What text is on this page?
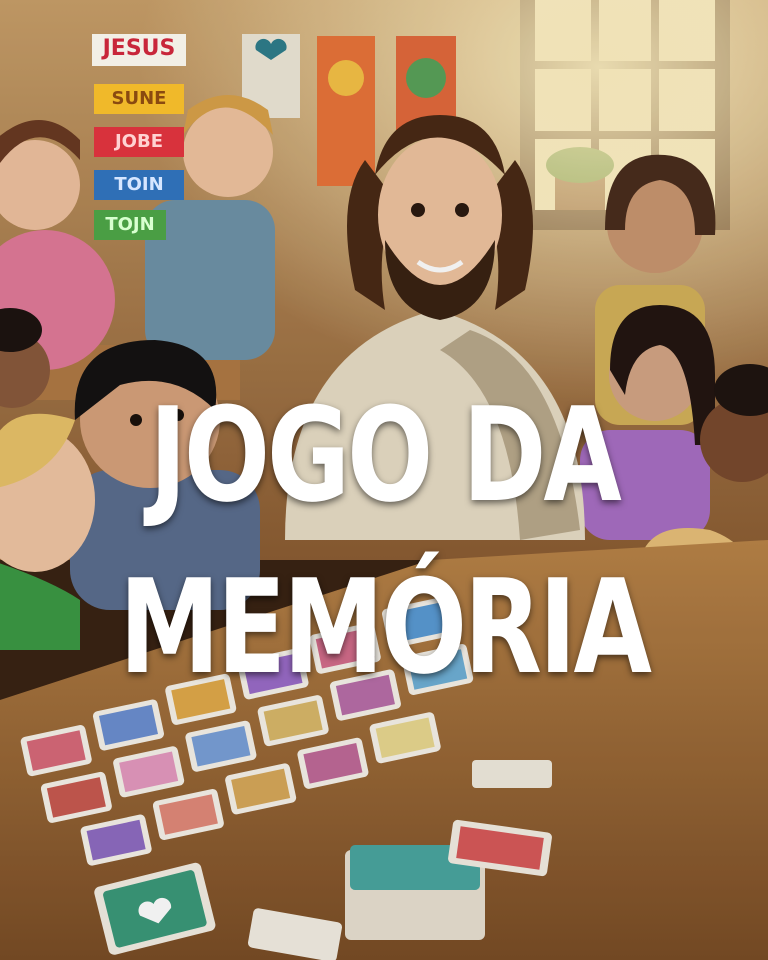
JESUS
SUNE
JOBE
TOIN
TOJN
JOGO DA
MEMÓRIA
